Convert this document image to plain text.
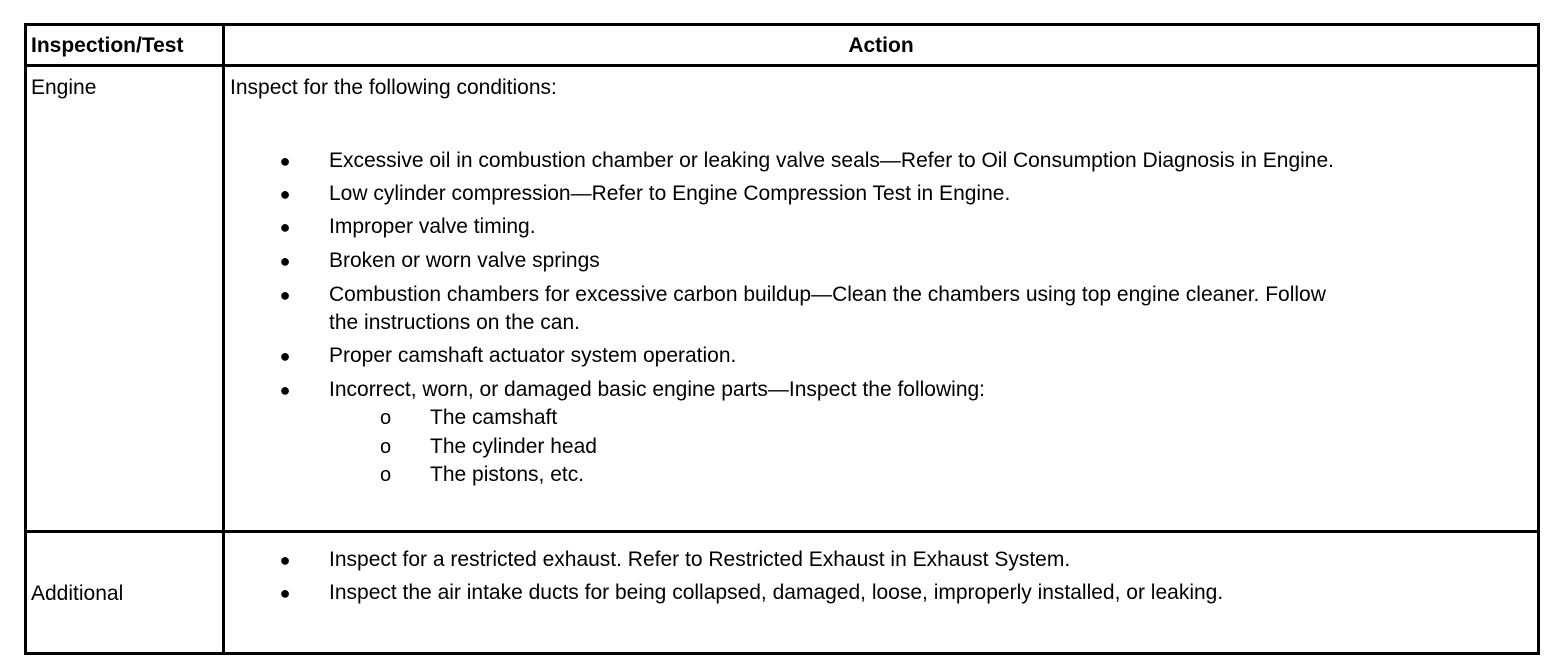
Inspection/Test	Action
Engine	Inspect for the following conditions:
● Excessive oil in combustion chamber or leaking valve seals—Refer to Oil Consumption Diagnosis in Engine.
● Low cylinder compression—Refer to Engine Compression Test in Engine.
● Improper valve timing.
● Broken or worn valve springs
● Combustion chambers for excessive carbon buildup—Clean the chambers using top engine cleaner. Follow
the instructions on the can.
● Proper camshaft actuator system operation.
● Incorrect, worn, or damaged basic engine parts—Inspect the following:
o The camshaft
o The cylinder head
o The pistons, etc.
Additional
● Inspect for a restricted exhaust. Refer to Restricted Exhaust in Exhaust System.
● Inspect the air intake ducts for being collapsed, damaged, loose, improperly installed, or leaking.
